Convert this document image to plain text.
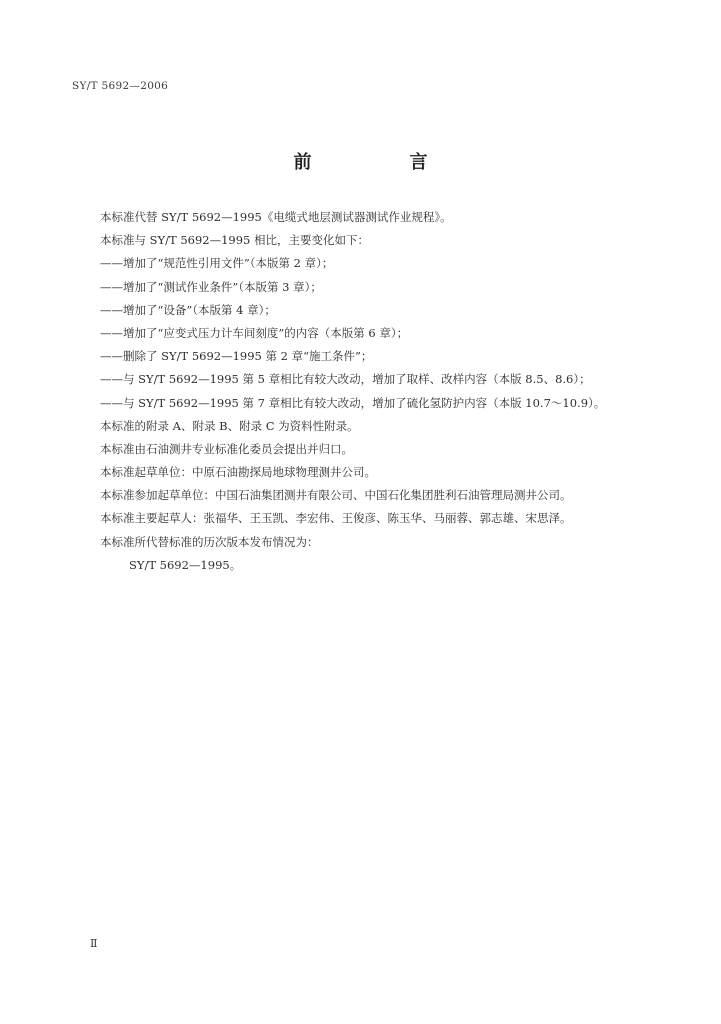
SY/T 5692—2006
前　言
本标准代替 SY/T 5692—1995《电缆式地层测试器测试作业规程》。
本标准与 SY/T 5692—1995 相比，主要变化如下：
——增加了“规范性引用文件”（本版第 2 章）；
——增加了“测试作业条件”（本版第 3 章）；
——增加了“设备”（本版第 4 章）；
——增加了“应变式压力计车间刻度”的内容（本版第 6 章）；
——删除了 SY/T 5692—1995 第 2 章“施工条件”；
——与 SY/T 5692—1995 第 5 章相比有较大改动，增加了取样、改样内容（本版 8.5、8.6）；
——与 SY/T 5692—1995 第 7 章相比有较大改动，增加了硫化氢防护内容（本版 10.7～10.9）。
本标准的附录 A、附录 B、附录 C 为资料性附录。
本标准由石油测井专业标准化委员会提出并归口。
本标准起草单位：中原石油勘探局地球物理测井公司。
本标准参加起草单位：中国石油集团测井有限公司、中国石化集团胜利石油管理局测井公司。
本标准主要起草人：张福华、王玉凯、李宏伟、王俊彦、陈玉华、马丽蓉、郭志雄、宋思泽。
本标准所代替标准的历次版本发布情况为：
SY/T 5692—1995。
Ⅱ
